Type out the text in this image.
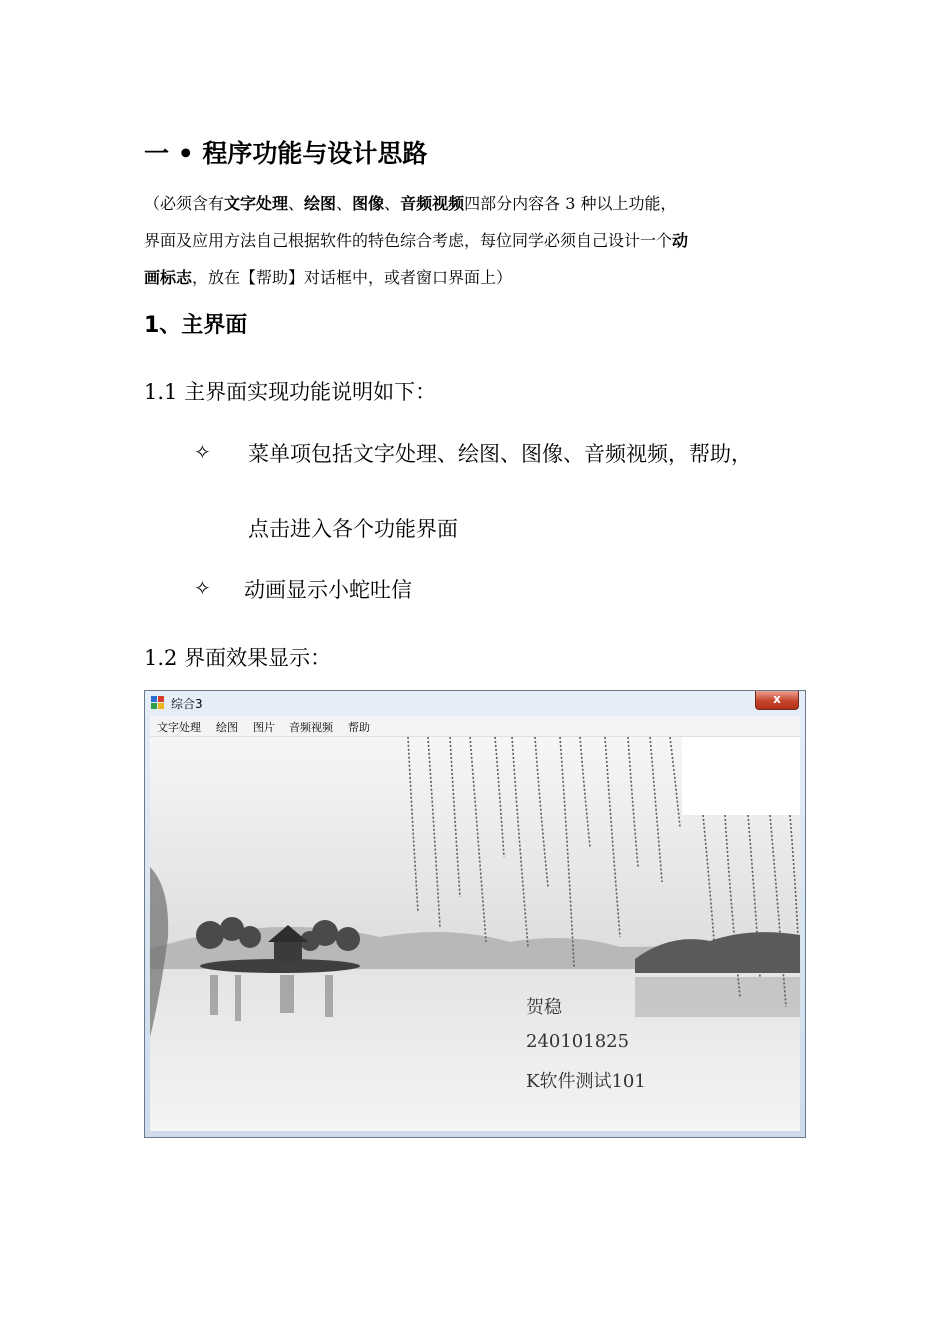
一 • 程序功能与设计思路

（必须含有文字处理、绘图、图像、音频视频四部分内容各 3 种以上功能，

界面及应用方法自己根据软件的特色综合考虑，每位同学必须自己设计一个动

画标志，放在【帮助】对话框中，或者窗口界面上）

1、主界面

1.1 主界面实现功能说明如下：

✧ 菜单项包括文字处理、绘图、图像、音频视频，帮助，

点击进入各个功能界面

✧ 动画显示小蛇吐信

1.2 界面效果显示：

综合3	x
文字处理 绘图 图片 音频视频 帮助
贺稳
240101825
K软件测试101
